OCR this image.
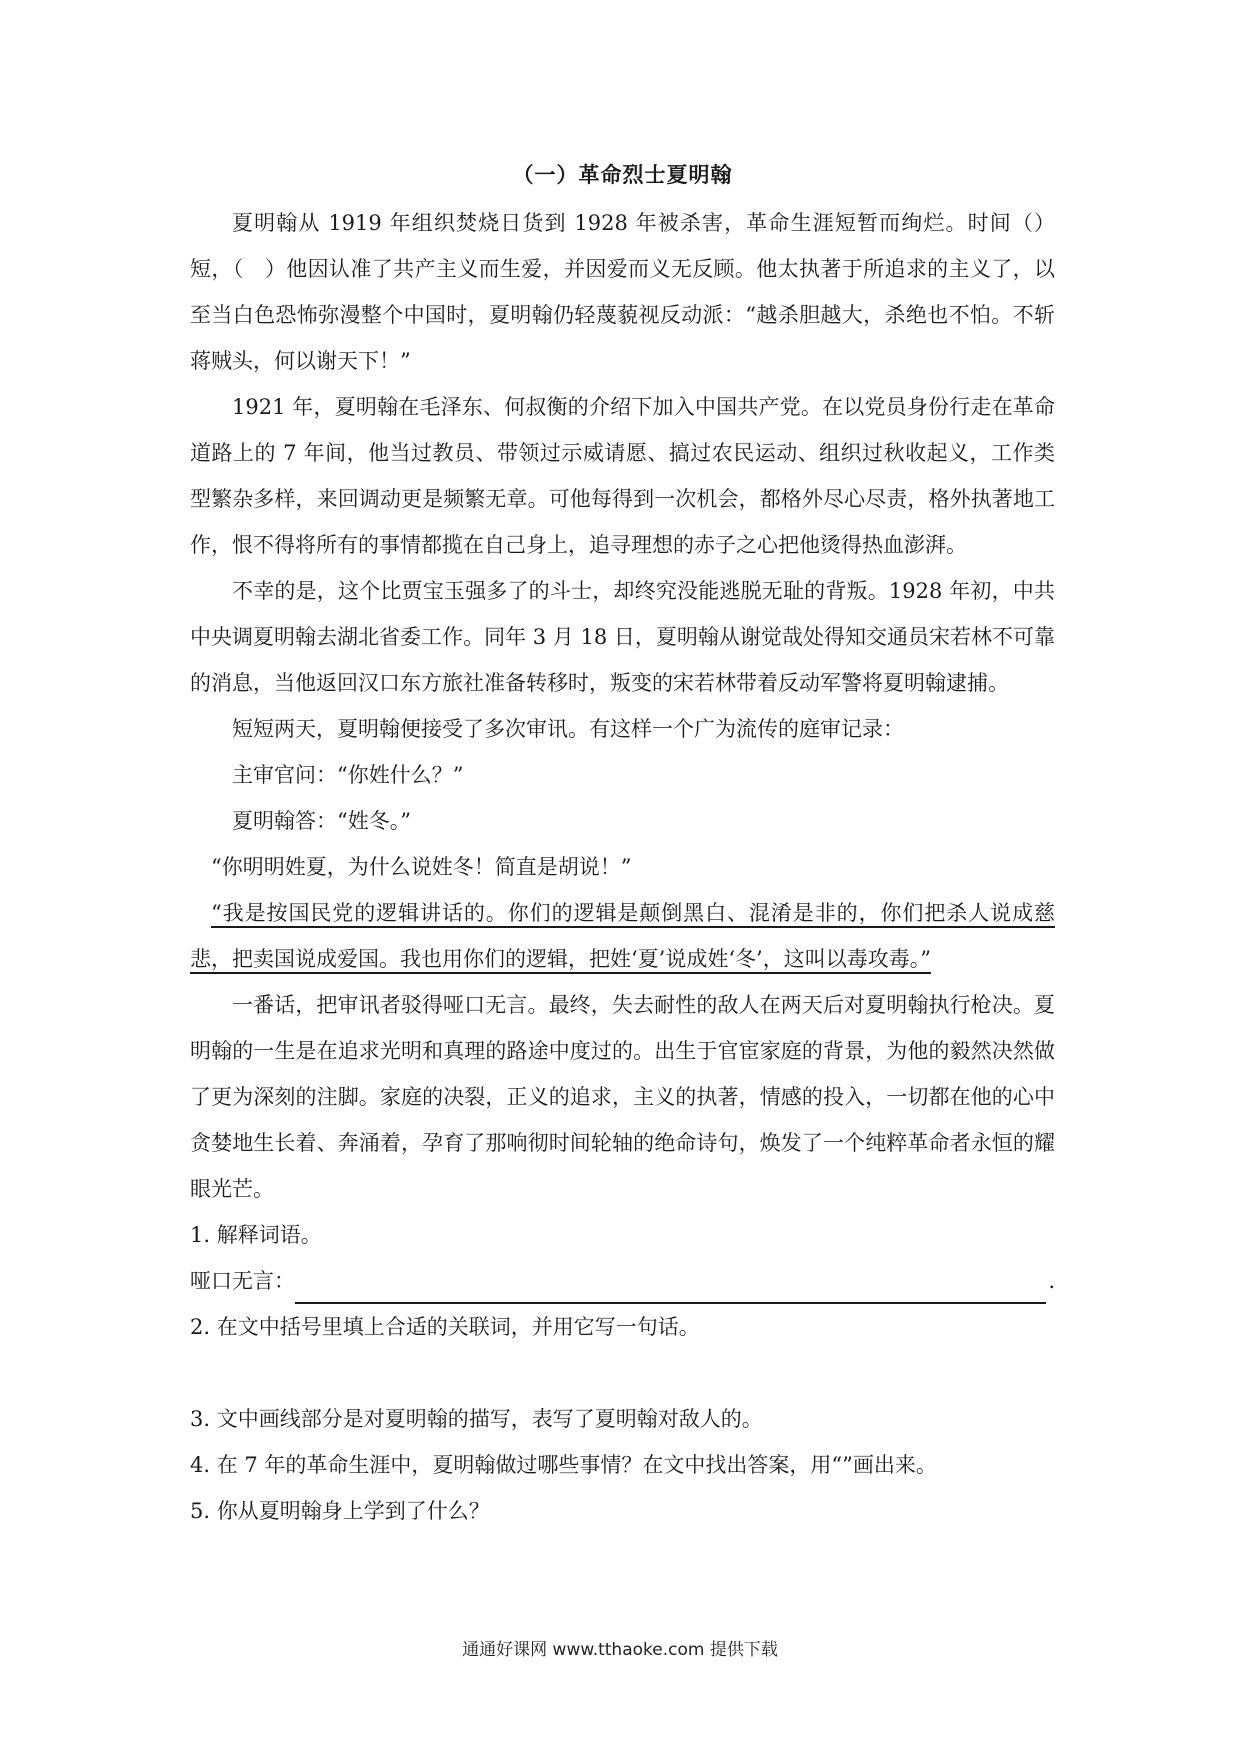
（一）革命烈士夏明翰

夏明翰从 1919 年组织焚烧日货到 1928 年被杀害，革命生涯短暂而绚烂。时间（）短，（　）他因认准了共产主义而生爱，并因爱而义无反顾。他太执著于所追求的主义了，以至当白色恐怖弥漫整个中国时，夏明翰仍轻蔑藐视反动派：“越杀胆越大，杀绝也不怕。不斩蒋贼头，何以谢天下！”

1921 年，夏明翰在毛泽东、何叔衡的介绍下加入中国共产党。在以党员身份行走在革命道路上的 7 年间，他当过教员、带领过示威请愿、搞过农民运动、组织过秋收起义，工作类型繁杂多样，来回调动更是频繁无章。可他每得到一次机会，都格外尽心尽责，格外执著地工作，恨不得将所有的事情都揽在自己身上，追寻理想的赤子之心把他烫得热血澎湃。

不幸的是，这个比贾宝玉强多了的斗士，却终究没能逃脱无耻的背叛。1928 年初，中共中央调夏明翰去湖北省委工作。同年 3 月 18 日，夏明翰从谢觉哉处得知交通员宋若林不可靠的消息，当他返回汉口东方旅社准备转移时，叛变的宋若林带着反动军警将夏明翰逮捕。

短短两天，夏明翰便接受了多次审讯。有这样一个广为流传的庭审记录：

主审官问：“你姓什么？”

夏明翰答：“姓冬。”

“你明明姓夏，为什么说姓冬！简直是胡说！”

“我是按国民党的逻辑讲话的。你们的逻辑是颠倒黑白、混淆是非的，你们把杀人说成慈悲，把卖国说成爱国。我也用你们的逻辑，把姓‘夏’说成姓‘冬’，这叫以毒攻毒。”

一番话，把审讯者驳得哑口无言。最终，失去耐性的敌人在两天后对夏明翰执行枪决。夏明翰的一生是在追求光明和真理的路途中度过的。出生于官宦家庭的背景，为他的毅然决然做了更为深刻的注脚。家庭的决裂，正义的追求，主义的执著，情感的投入，一切都在他的心中贪婪地生长着、奔涌着，孕育了那响彻时间轮轴的绝命诗句，焕发了一个纯粹革命者永恒的耀眼光芒。

1. 解释词语。

哑口无言：	.

2. 在文中括号里填上合适的关联词，并用它写一句话。

3. 文中画线部分是对夏明翰的描写，表写了夏明翰对敌人的。

4. 在 7 年的革命生涯中，夏明翰做过哪些事情？在文中找出答案，用“”画出来。

5. 你从夏明翰身上学到了什么？

通通好课网 www.tthaoke.com 提供下载
